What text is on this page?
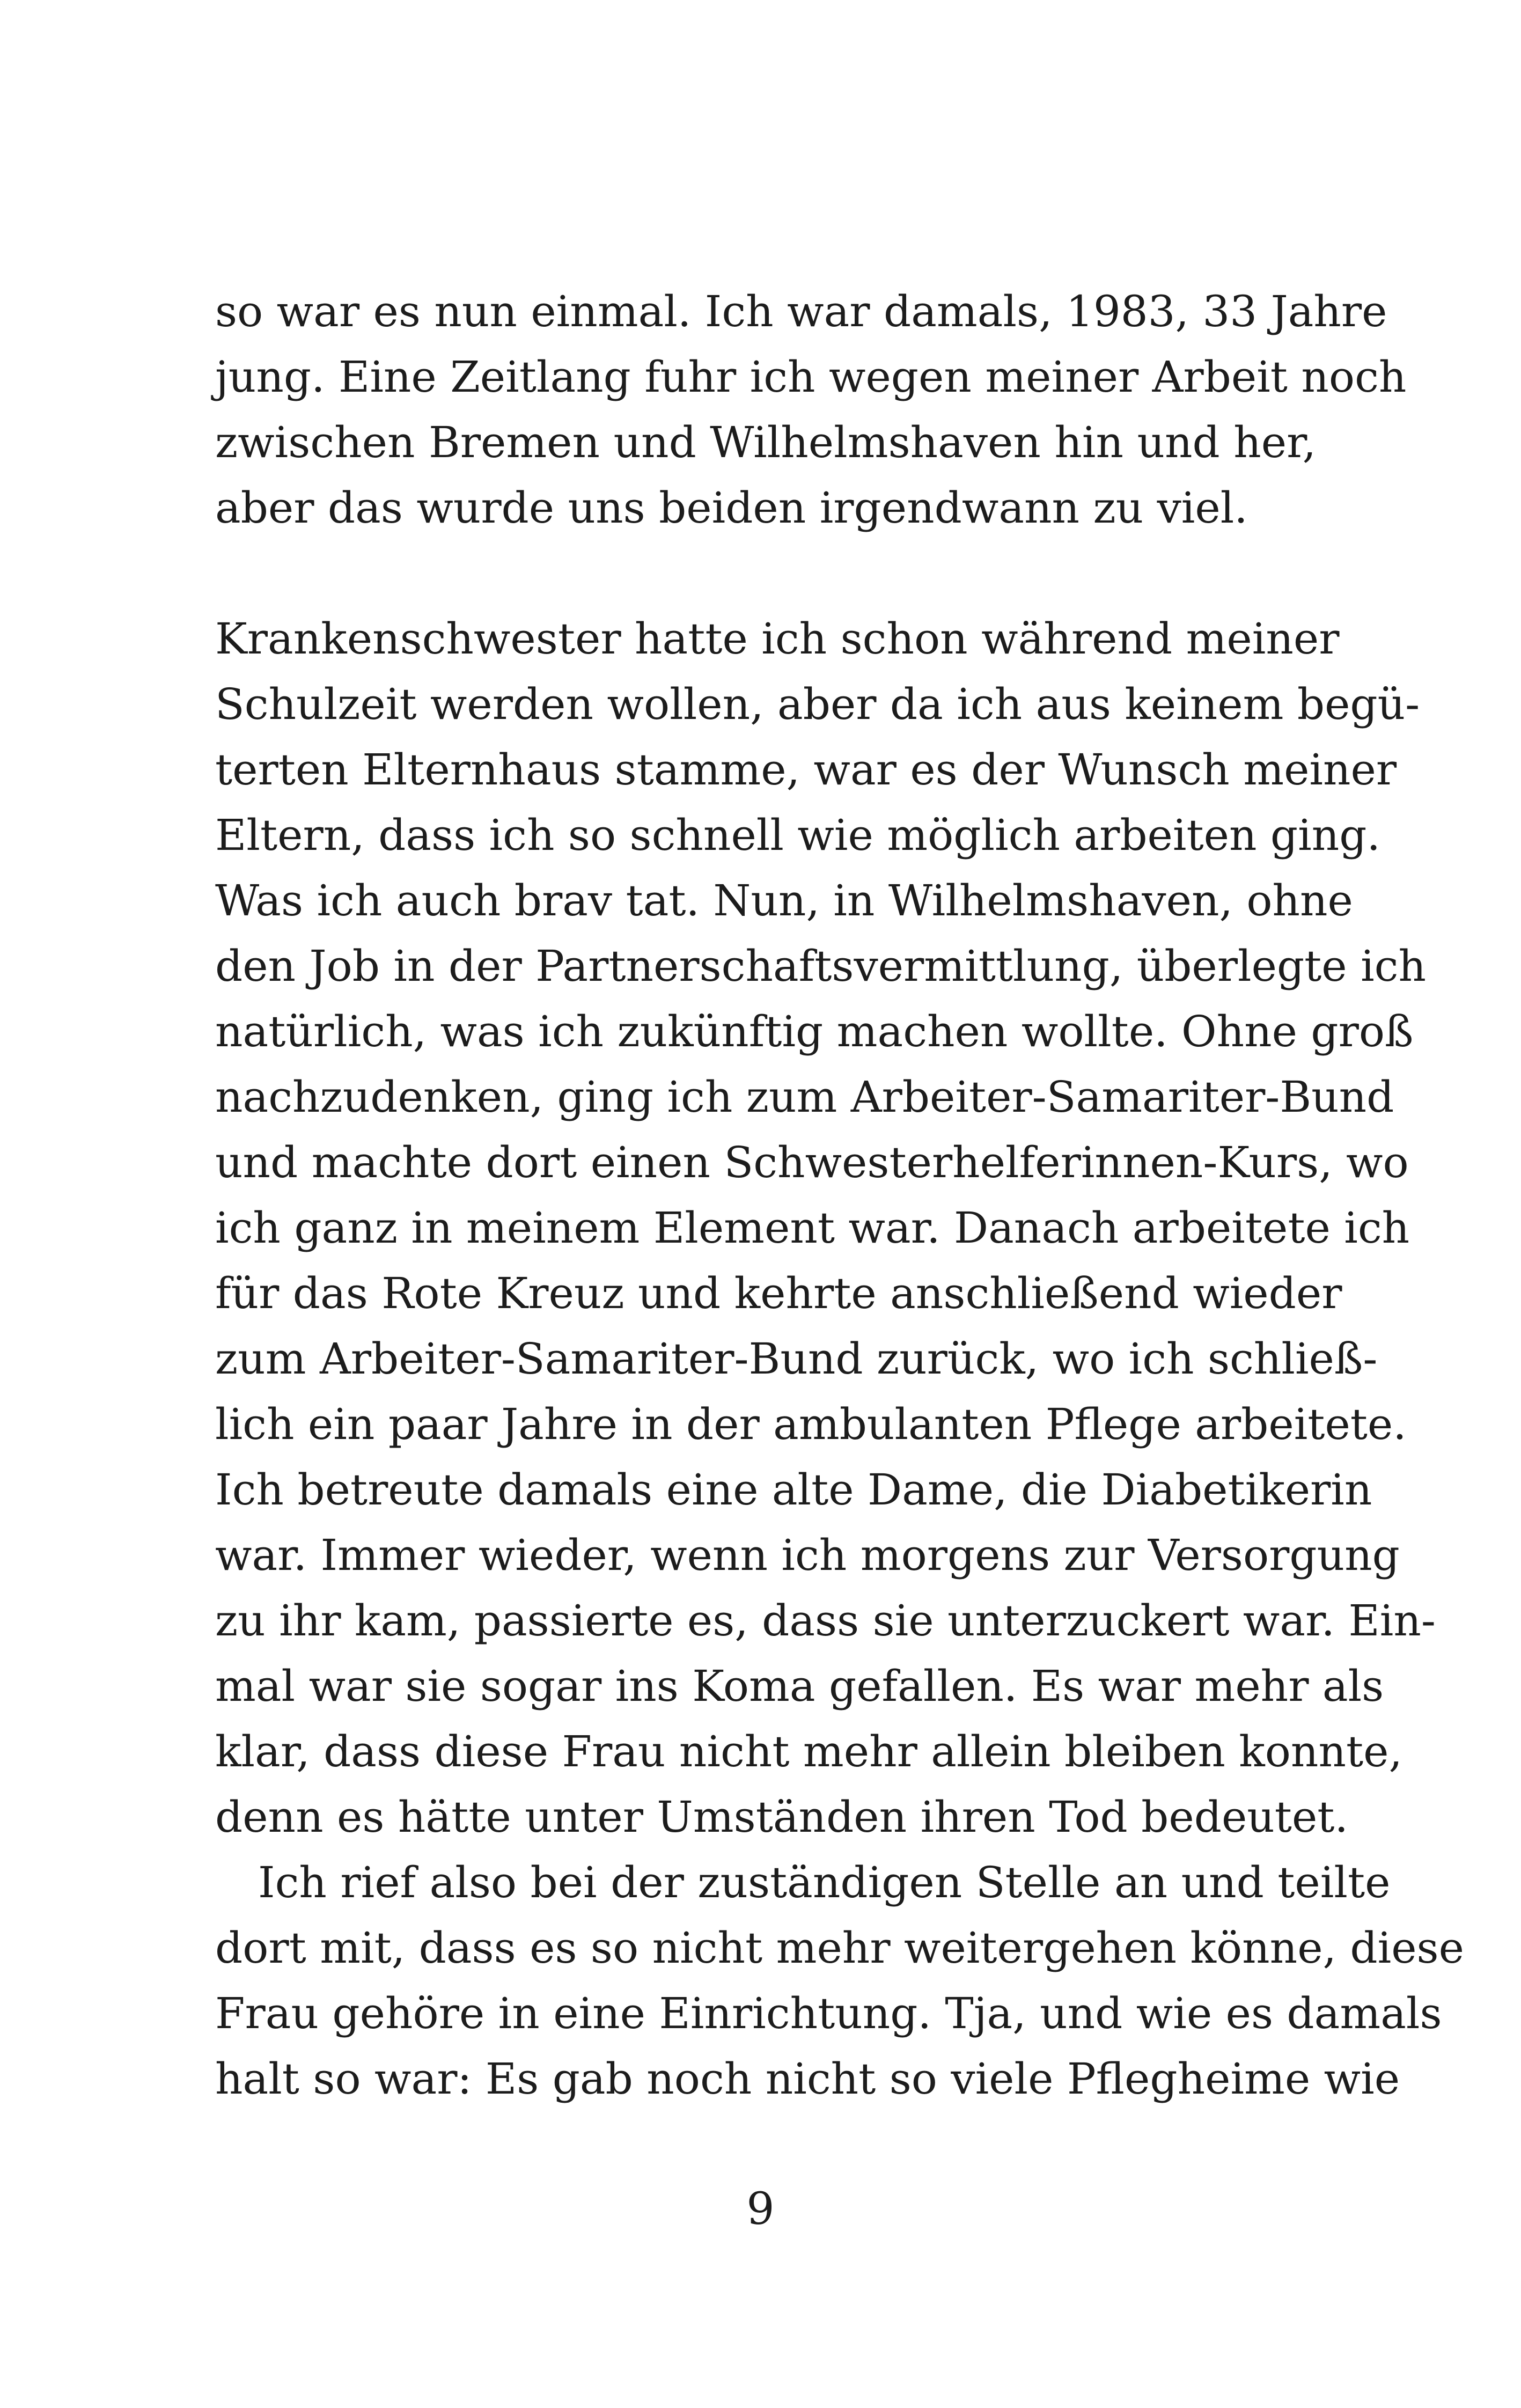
so war es nun einmal. Ich war damals, 1983, 33 Jahre
jung. Eine Zeitlang fuhr ich wegen meiner Arbeit noch
zwischen Bremen und Wilhelmshaven hin und her,
aber das wurde uns beiden irgendwann zu viel.
Krankenschwester hatte ich schon während meiner
Schulzeit werden wollen, aber da ich aus keinem begü-
terten Elternhaus stamme, war es der Wunsch meiner
Eltern, dass ich so schnell wie möglich arbeiten ging.
Was ich auch brav tat. Nun, in Wilhelmshaven, ohne
den Job in der Partnerschaftsvermittlung, überlegte ich
natürlich, was ich zukünftig machen wollte. Ohne groß
nachzudenken, ging ich zum Arbeiter-Samariter-Bund
und machte dort einen Schwesterhelferinnen-Kurs, wo
ich ganz in meinem Element war. Danach arbeitete ich
für das Rote Kreuz und kehrte anschließend wieder
zum Arbeiter-Samariter-Bund zurück, wo ich schließ-
lich ein paar Jahre in der ambulanten Pflege arbeitete.
Ich betreute damals eine alte Dame, die Diabetikerin
war. Immer wieder, wenn ich morgens zur Versorgung
zu ihr kam, passierte es, dass sie unterzuckert war. Ein-
mal war sie sogar ins Koma gefallen. Es war mehr als
klar, dass diese Frau nicht mehr allein bleiben konnte,
denn es hätte unter Umständen ihren Tod bedeutet.
Ich rief also bei der zuständigen Stelle an und teilte
dort mit, dass es so nicht mehr weitergehen könne, diese
Frau gehöre in eine Einrichtung. Tja, und wie es damals
halt so war: Es gab noch nicht so viele Pflegheime wie
9
